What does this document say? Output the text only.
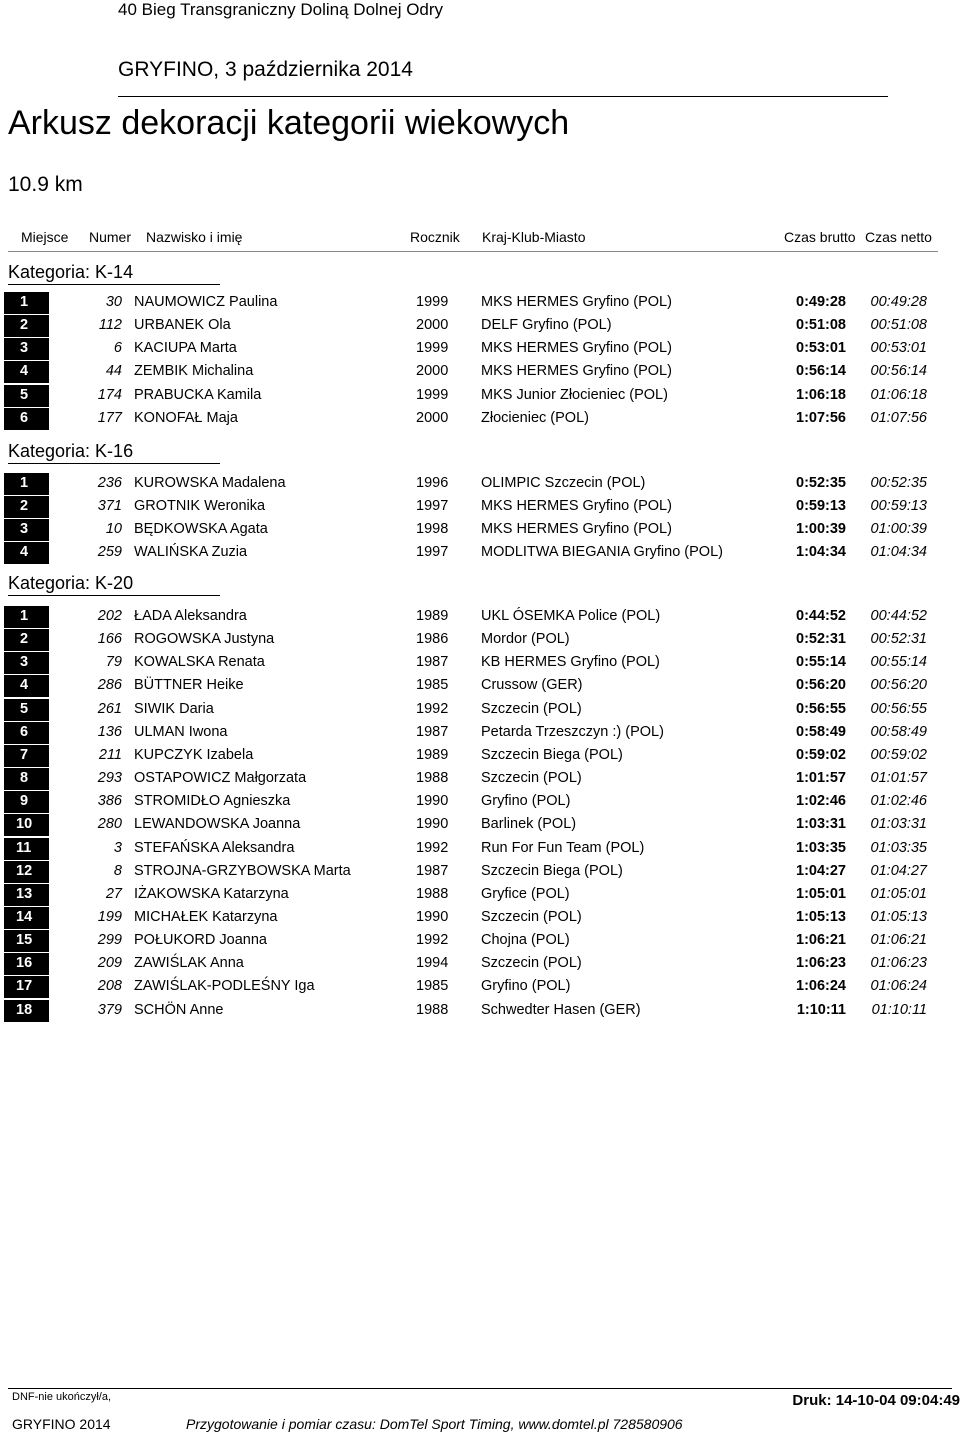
40 Bieg Transgraniczny Doliną Dolnej Odry
GRYFINO, 3 października 2014
Arkusz dekoracji kategorii wiekowych
10.9 km
Miejsce Numer Nazwisko i imię	Rocznik Kraj-Klub-Miasto	Czas brutto Czas netto
Kategoria: K-14
1	30 NAUMOWICZ Paulina	1999 MKS HERMES Gryfino (POL)	0:49:28 00:49:28
2	112 URBANEK Ola	2000 DELF Gryfino (POL)	0:51:08 00:51:08
3	6 KACIUPA Marta	1999 MKS HERMES Gryfino (POL)	0:53:01 00:53:01
4	44 ZEMBIK Michalina	2000 MKS HERMES Gryfino (POL)	0:56:14 00:56:14
5	174 PRABUCKA Kamila	1999 MKS Junior Złocieniec (POL)	1:06:18 01:06:18
6	177 KONOFAŁ Maja	2000 Złocieniec (POL)	1:07:56 01:07:56
Kategoria: K-16
1	236 KUROWSKA Madalena	1996 OLIMPIC Szczecin (POL)	0:52:35 00:52:35
2	371 GROTNIK Weronika	1997 MKS HERMES Gryfino (POL)	0:59:13 00:59:13
3	10 BĘDKOWSKA Agata	1998 MKS HERMES Gryfino (POL)	1:00:39 01:00:39
4	259 WALIŃSKA Zuzia	1997 MODLITWA BIEGANIA Gryfino (POL)	1:04:34 01:04:34
Kategoria: K-20
1	202 ŁADA Aleksandra	1989 UKL ÓSEMKA Police (POL)	0:44:52 00:44:52
2	166 ROGOWSKA Justyna	1986 Mordor (POL)	0:52:31 00:52:31
3	79 KOWALSKA Renata	1987 KB HERMES Gryfino (POL)	0:55:14 00:55:14
4	286 BÜTTNER Heike	1985 Crussow (GER)	0:56:20 00:56:20
5	261 SIWIK Daria	1992 Szczecin (POL)	0:56:55 00:56:55
6	136 ULMAN Iwona	1987 Petarda Trzeszczyn :) (POL)	0:58:49 00:58:49
7	211 KUPCZYK Izabela	1989 Szczecin Biega (POL)	0:59:02 00:59:02
8	293 OSTAPOWICZ Małgorzata	1988 Szczecin (POL)	1:01:57 01:01:57
9	386 STROMIDŁO Agnieszka	1990 Gryfino (POL)	1:02:46 01:02:46
10	280 LEWANDOWSKA Joanna	1990 Barlinek (POL)	1:03:31 01:03:31
11	3 STEFAŃSKA Aleksandra	1992 Run For Fun Team (POL)	1:03:35 01:03:35
12	8 STROJNA-GRZYBOWSKA Marta	1987 Szczecin Biega (POL)	1:04:27 01:04:27
13	27 IŻAKOWSKA Katarzyna	1988 Gryfice (POL)	1:05:01 01:05:01
14	199 MICHAŁEK Katarzyna	1990 Szczecin (POL)	1:05:13 01:05:13
15	299 POŁUKORD Joanna	1992 Chojna (POL)	1:06:21 01:06:21
16	209 ZAWIŚLAK Anna	1994 Szczecin (POL)	1:06:23 01:06:23
17	208 ZAWIŚLAK-PODLEŚNY Iga	1985 Gryfino (POL)	1:06:24 01:06:24
18	379 SCHÖN Anne	1988 Schwedter Hasen (GER)	1:10:11 01:10:11
DNF-nie ukończył/a,
GRYFINO 2014	Przygotowanie i pomiar czasu: DomTel Sport Timing, www.domtel.pl 728580906
Druk: 14-10-04 09:04:49
